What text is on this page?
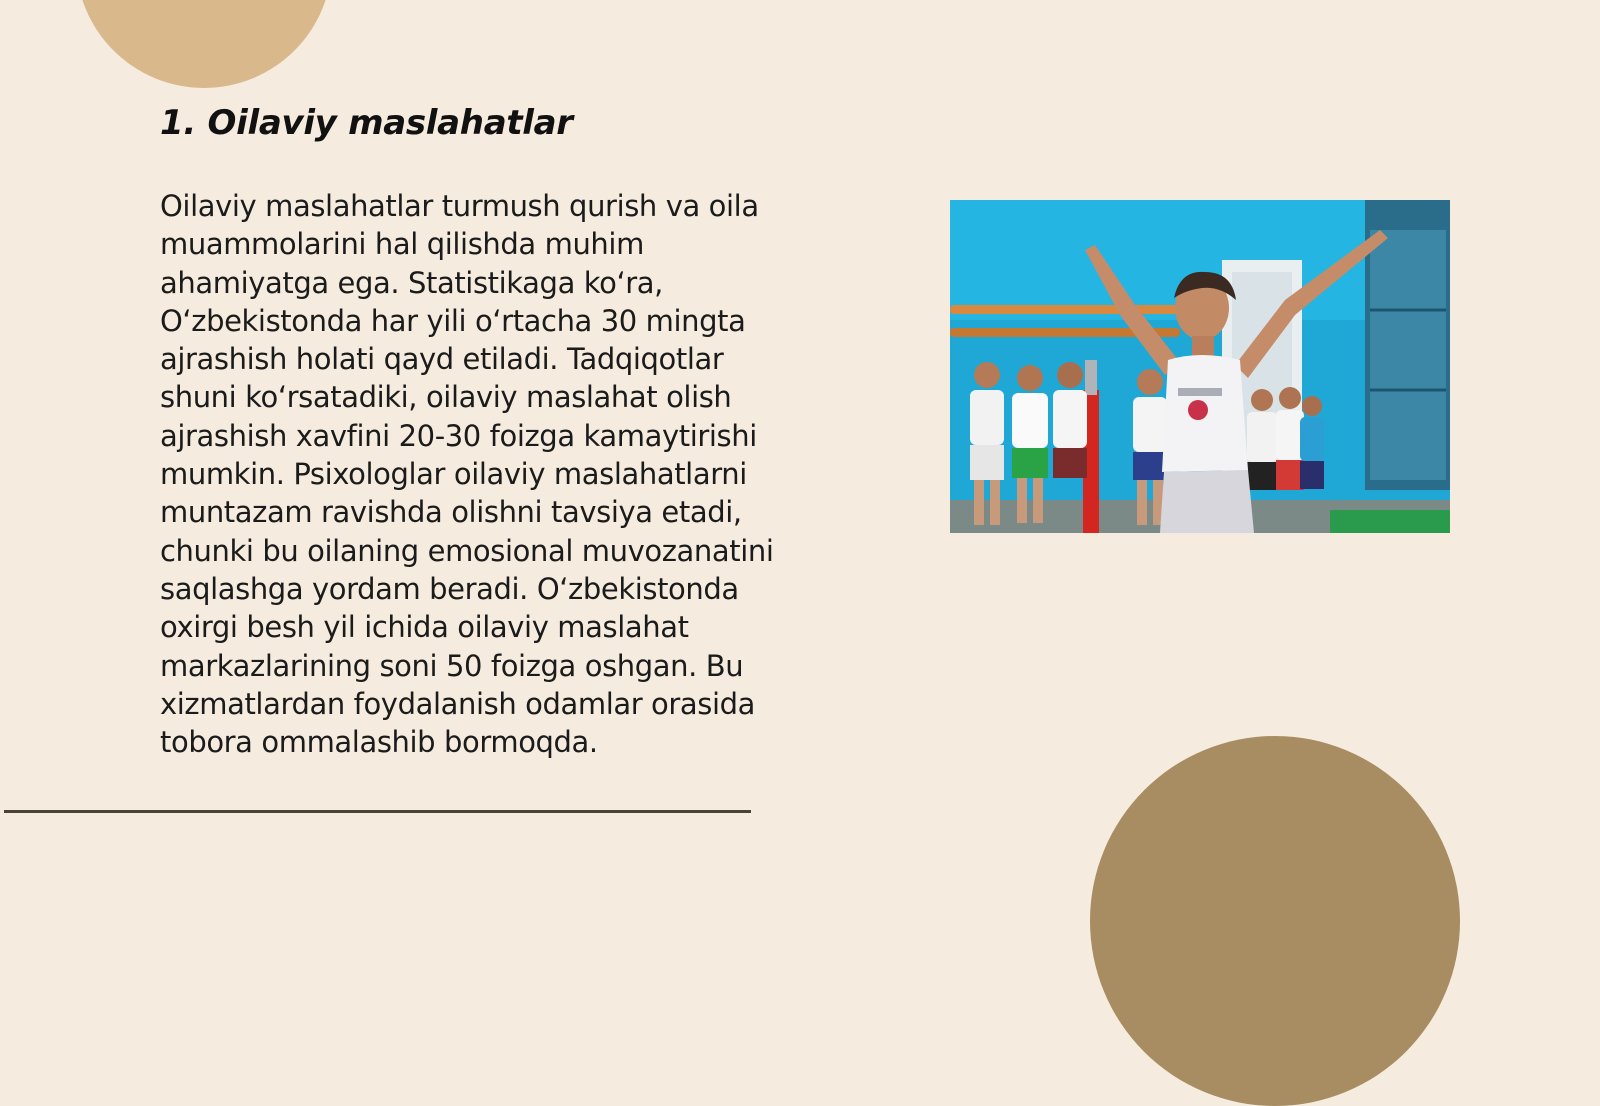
1. Oilaviy maslahatlar
Oilaviy maslahatlar turmush qurish va oila
muammolarini hal qilishda muhim
ahamiyatga ega. Statistikaga ko‘ra,
O‘zbekistonda har yili o‘rtacha 30 mingta
ajrashish holati qayd etiladi. Tadqiqotlar
shuni ko‘rsatadiki, oilaviy maslahat olish
ajrashish xavfini 20-30 foizga kamaytirishi
mumkin. Psixologlar oilaviy maslahatlarni
muntazam ravishda olishni tavsiya etadi,
chunki bu oilaning emosional muvozanatini
saqlashga yordam beradi. O‘zbekistonda
oxirgi besh yil ichida oilaviy maslahat
markazlarining soni 50 foizga oshgan. Bu
xizmatlardan foydalanish odamlar orasida
tobora ommalashib bormoqda.
